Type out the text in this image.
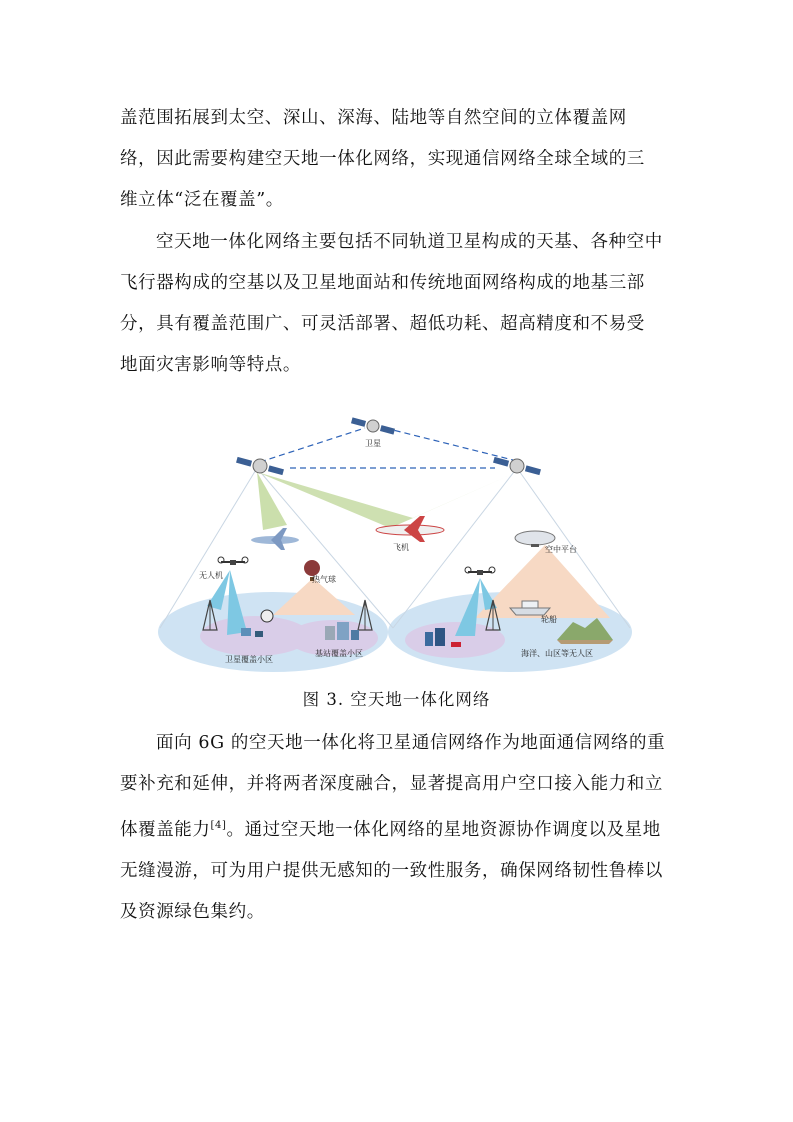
盖范围拓展到太空、深山、深海、陆地等自然空间的立体覆盖网
络，因此需要构建空天地一体化网络，实现通信网络全球全域的三
维立体“泛在覆盖”。

空天地一体化网络主要包括不同轨道卫星构成的天基、各种空中
飞行器构成的空基以及卫星地面站和传统地面网络构成的地基三部
分，具有覆盖范围广、可灵活部署、超低功耗、超高精度和不易受
地面灾害影响等特点。

卫星
飞机	空中平台
无人机	热气球
轮船
卫星覆盖小区
基站覆盖小区	海洋、山区等无人区
图 3. 空天地一体化网络

面向 6G 的空天地一体化将卫星通信网络作为地面通信网络的重
要补充和延伸，并将两者深度融合，显著提高用户空口接入能力和立
体覆盖能力[4]。通过空天地一体化网络的星地资源协作调度以及星地
无缝漫游，可为用户提供无感知的一致性服务，确保网络韧性鲁棒以
及资源绿色集约。
